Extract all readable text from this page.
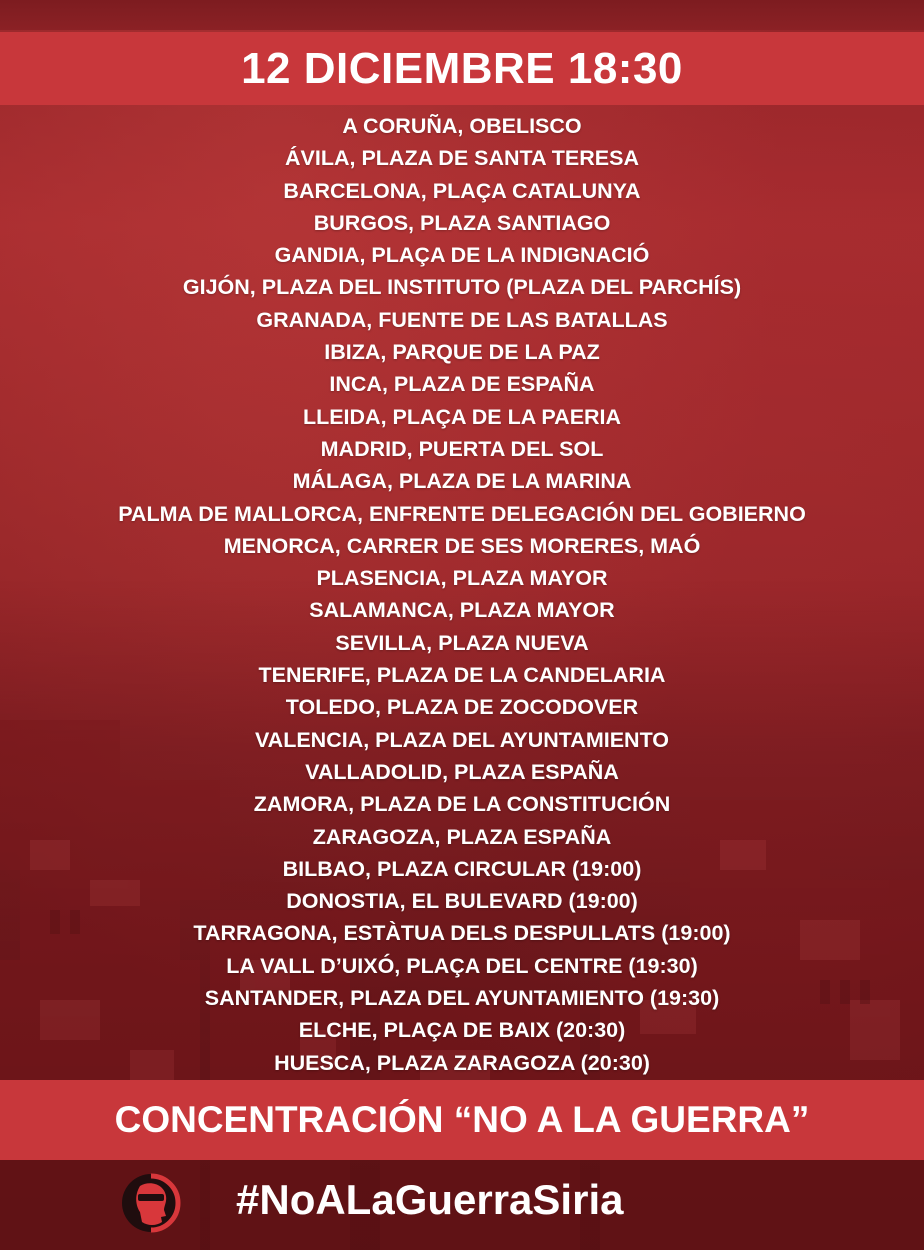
12 DICIEMBRE 18:30
A CORUÑA, OBELISCO
ÁVILA, PLAZA DE SANTA TERESA
BARCELONA, PLAÇA CATALUNYA
BURGOS, PLAZA SANTIAGO
GANDIA, PLAÇA DE LA INDIGNACIÓ
GIJÓN, PLAZA DEL INSTITUTO (PLAZA DEL PARCHÍS)
GRANADA, FUENTE DE LAS BATALLAS
IBIZA, PARQUE DE LA PAZ
INCA, PLAZA DE ESPAÑA
LLEIDA, PLAÇA DE LA PAERIA
MADRID, PUERTA DEL SOL
MÁLAGA, PLAZA DE LA MARINA
PALMA DE MALLORCA, ENFRENTE DELEGACIÓN DEL GOBIERNO
MENORCA, CARRER DE SES MORERES, MAÓ
PLASENCIA, PLAZA MAYOR
SALAMANCA, PLAZA MAYOR
SEVILLA, PLAZA NUEVA
TENERIFE, PLAZA DE LA CANDELARIA
TOLEDO, PLAZA DE ZOCODOVER
VALENCIA, PLAZA DEL AYUNTAMIENTO
VALLADOLID, PLAZA ESPAÑA
ZAMORA, PLAZA DE LA CONSTITUCIÓN
ZARAGOZA, PLAZA ESPAÑA
BILBAO, PLAZA CIRCULAR (19:00)
DONOSTIA, EL BULEVARD (19:00)
TARRAGONA, ESTÀTUA DELS DESPULLATS (19:00)
LA VALL D’UIXÓ, PLAÇA DEL CENTRE (19:30)
SANTANDER, PLAZA DEL AYUNTAMIENTO (19:30)
ELCHE, PLAÇA DE BAIX (20:30)
HUESCA, PLAZA ZARAGOZA (20:30)
CONCENTRACIÓN “NO A LA GUERRA”
#NoALaGuerraSiria
